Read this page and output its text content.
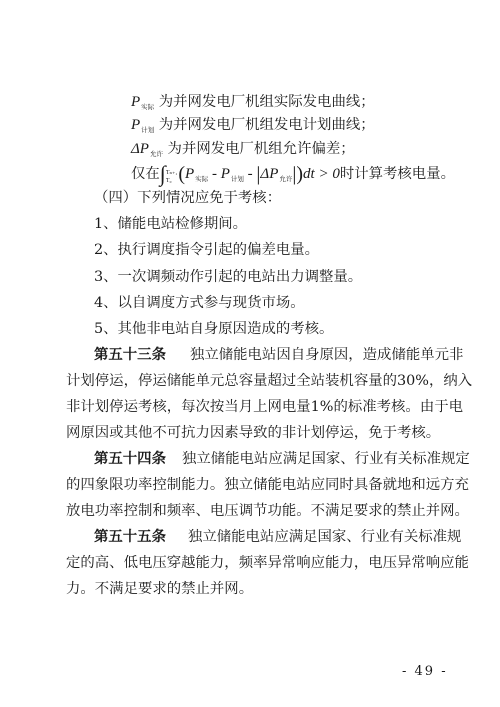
$P_{实际}$ 为并网发电厂机组实际发电曲线；
$P_{计划}$ 为并网发电厂机组发电计划曲线；
$\Delta P_{允许}$ 为并网发电厂机组允许偏差；
仅在∫Tₙ₊₁
T₀ $(P_{实际} - P_{计划} - |\Delta P_{允许}|)dt > 0$时计算考核电量。
（四）下列情况应免于考核：
1、储能电站检修期间。
2、执行调度指令引起的偏差电量。
3、一次调频动作引起的电站出力调整量。
4、以自调度方式参与现货市场。
5、其他非电站自身原因造成的考核。
第五十三条 独立储能电站因自身原因，造成储能单元非
计划停运，停运储能单元总容量超过全站装机容量的30%，纳入
非计划停运考核，每次按当月上网电量1%的标准考核。由于电
网原因或其他不可抗力因素导致的非计划停运，免于考核。
第五十四条 独立储能电站应满足国家、行业有关标准规定
的四象限功率控制能力。独立储能电站应同时具备就地和远方充
放电功率控制和频率、电压调节功能。不满足要求的禁止并网。
第五十五条 独立储能电站应满足国家、行业有关标准规
定的高、低电压穿越能力，频率异常响应能力，电压异常响应能
力。不满足要求的禁止并网。
- 49 -
